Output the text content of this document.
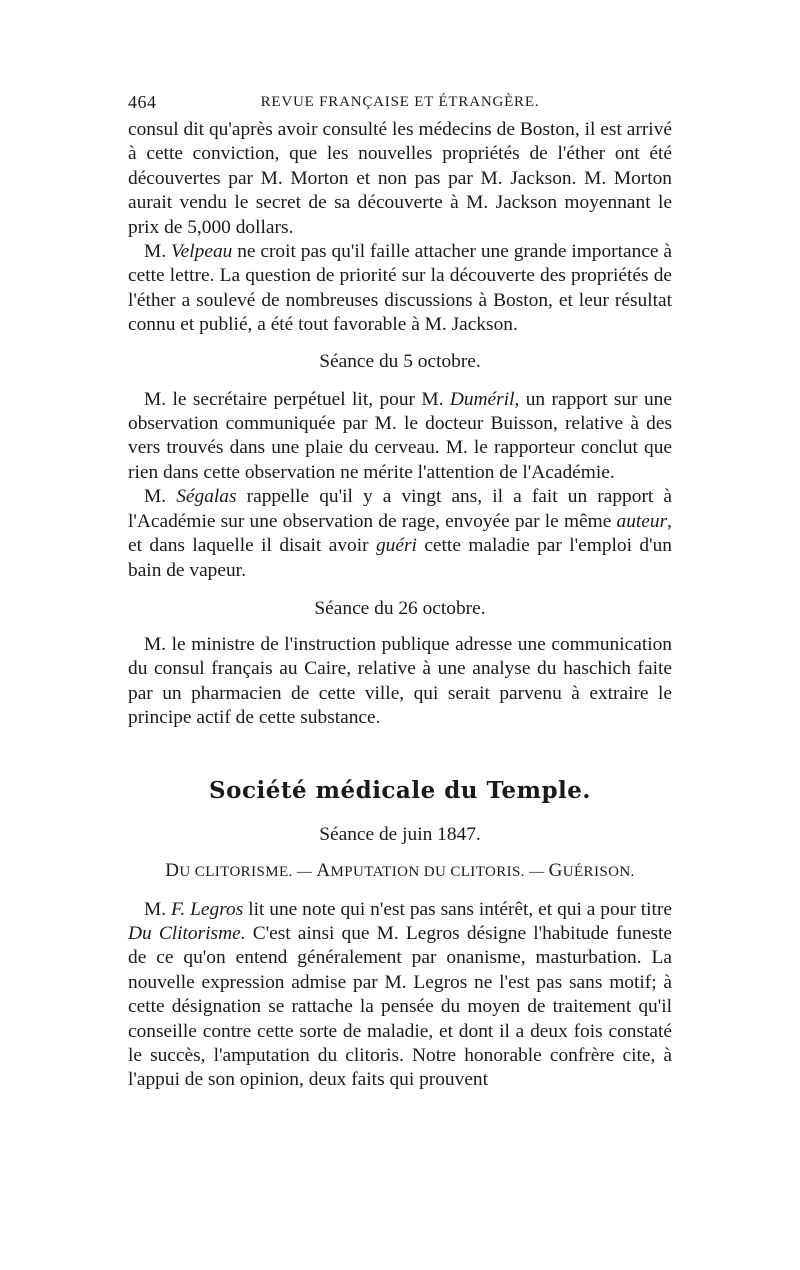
464	REVUE FRANÇAISE ET ÉTRANGÈRE.

consul dit qu'après avoir consulté les médecins de Boston, il est arrivé à cette conviction, que les nouvelles propriétés de l'éther ont été découvertes par M. Morton et non pas par M. Jackson. M. Morton aurait vendu le secret de sa découverte à M. Jackson moyennant le prix de 5,000 dollars.

M. Velpeau ne croit pas qu'il faille attacher une grande importance à cette lettre. La question de priorité sur la découverte des propriétés de l'éther a soulevé de nombreuses discussions à Boston, et leur résultat connu et publié, a été tout favorable à M. Jackson.

Séance du 5 octobre.

M. le secrétaire perpétuel lit, pour M. Duméril, un rapport sur une observation communiquée par M. le docteur Buisson, relative à des vers trouvés dans une plaie du cerveau. M. le rapporteur conclut que rien dans cette observation ne mérite l'attention de l'Académie.

M. Ségalas rappelle qu'il y a vingt ans, il a fait un rapport à l'Académie sur une observation de rage, envoyée par le même auteur, et dans laquelle il disait avoir guéri cette maladie par l'emploi d'un bain de vapeur.

Séance du 26 octobre.

M. le ministre de l'instruction publique adresse une communication du consul français au Caire, relative à une analyse du haschich faite par un pharmacien de cette ville, qui serait parvenu à extraire le principe actif de cette substance.

Société médicale du Temple.
Séance de juin 1847.
DU CLITORISME. — AMPUTATION DU CLITORIS. — GUÉRISON.

M. F. Legros lit une note qui n'est pas sans intérêt, et qui a pour titre Du Clitorisme. C'est ainsi que M. Legros désigne l'habitude funeste de ce qu'on entend généralement par onanisme, masturbation. La nouvelle expression admise par M. Legros ne l'est pas sans motif; à cette désignation se rattache la pensée du moyen de traitement qu'il conseille contre cette sorte de maladie, et dont il a deux fois constaté le succès, l'amputation du clitoris. Notre honorable confrère cite, à l'appui de son opinion, deux faits qui prouvent
